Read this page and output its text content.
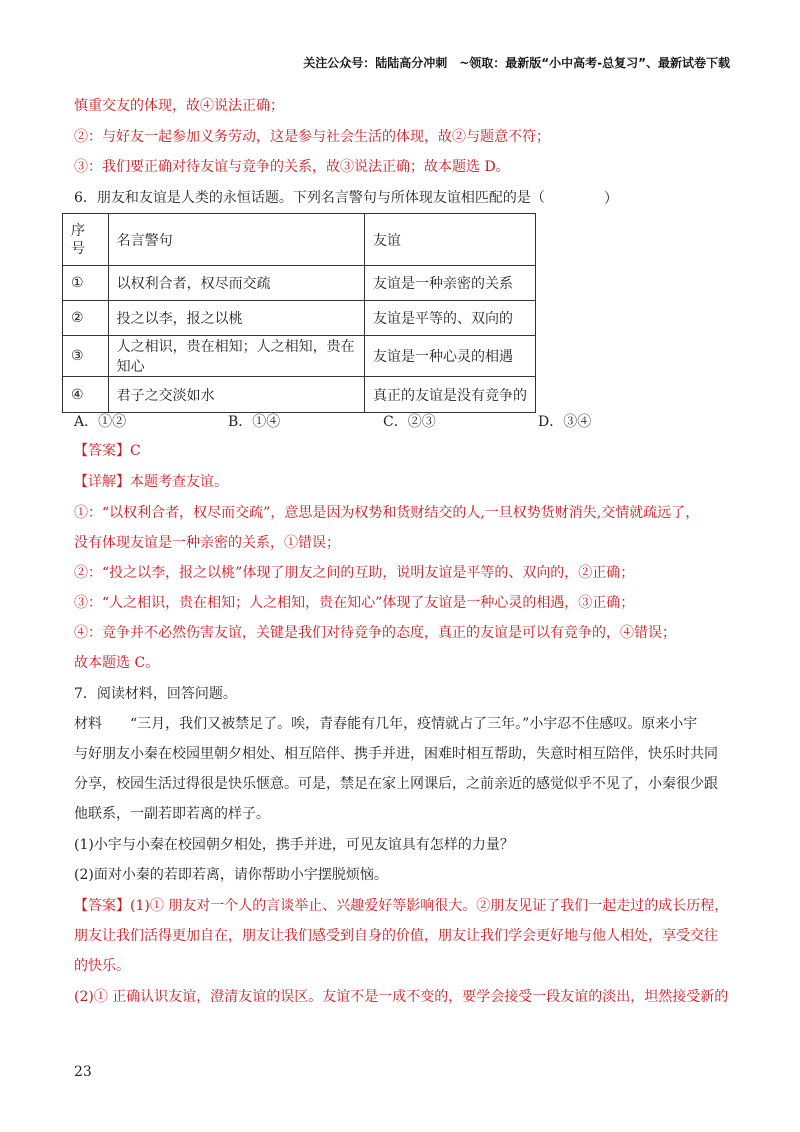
关注公众号：陆陆高分冲刺　~领取：最新版“小中高考-总复习”、最新试卷下载
慎重交友的体现，故④说法正确；
②：与好友一起参加义务劳动，这是参与社会生活的体现，故②与题意不符；
③：我们要正确对待友谊与竞争的关系，故③说法正确；故本题选 D。
6．朋友和友谊是人类的永恒话题。下列名言警句与所体现友谊相匹配的是（	）
序号	名言警句	友谊
①	以权利合者，权尽而交疏	友谊是一种亲密的关系
②	投之以李，报之以桃	友谊是平等的、双向的
③	人之相识，贵在相知；人之相知，贵在知心	友谊是一种心灵的相遇
④	君子之交淡如水	真正的友谊是没有竞争的
A．①②	B．①④	C．②③	D．③④
【答案】C
【详解】本题考查友谊。
①：“以权利合者，权尽而交疏”，意思是因为权势和货财结交的人,一旦权势货财消失,交情就疏远了，
没有体现友谊是一种亲密的关系，①错误；
②：“投之以李，报之以桃”体现了朋友之间的互助，说明友谊是平等的、双向的，②正确；
③：“人之相识，贵在相知；人之相知，贵在知心”体现了友谊是一种心灵的相遇，③正确；
④：竞争并不必然伤害友谊，关键是我们对待竞争的态度，真正的友谊是可以有竞争的，④错误；
故本题选 C。
7．阅读材料，回答问题。
材料　　“三月，我们又被禁足了。唉，青春能有几年，疫情就占了三年。”小宇忍不住感叹。原来小宇
与好朋友小秦在校园里朝夕相处、相互陪伴、携手并进，困难时相互帮助，失意时相互陪伴，快乐时共同
分享，校园生活过得很是快乐惬意。可是，禁足在家上网课后，之前亲近的感觉似乎不见了，小秦很少跟
他联系，一副若即若离的样子。
(1)小宇与小秦在校园朝夕相处，携手并进，可见友谊具有怎样的力量？
(2)面对小秦的若即若离，请你帮助小宇摆脱烦恼。
【答案】(1)① 朋友对一个人的言谈举止、兴趣爱好等影响很大。②朋友见证了我们一起走过的成长历程，
朋友让我们活得更加自在，朋友让我们感受到自身的价值，朋友让我们学会更好地与他人相处，享受交往
的快乐。
(2)① 正确认识友谊，澄清友谊的误区。友谊不是一成不变的，要学会接受一段友谊的淡出，坦然接受新的
23
